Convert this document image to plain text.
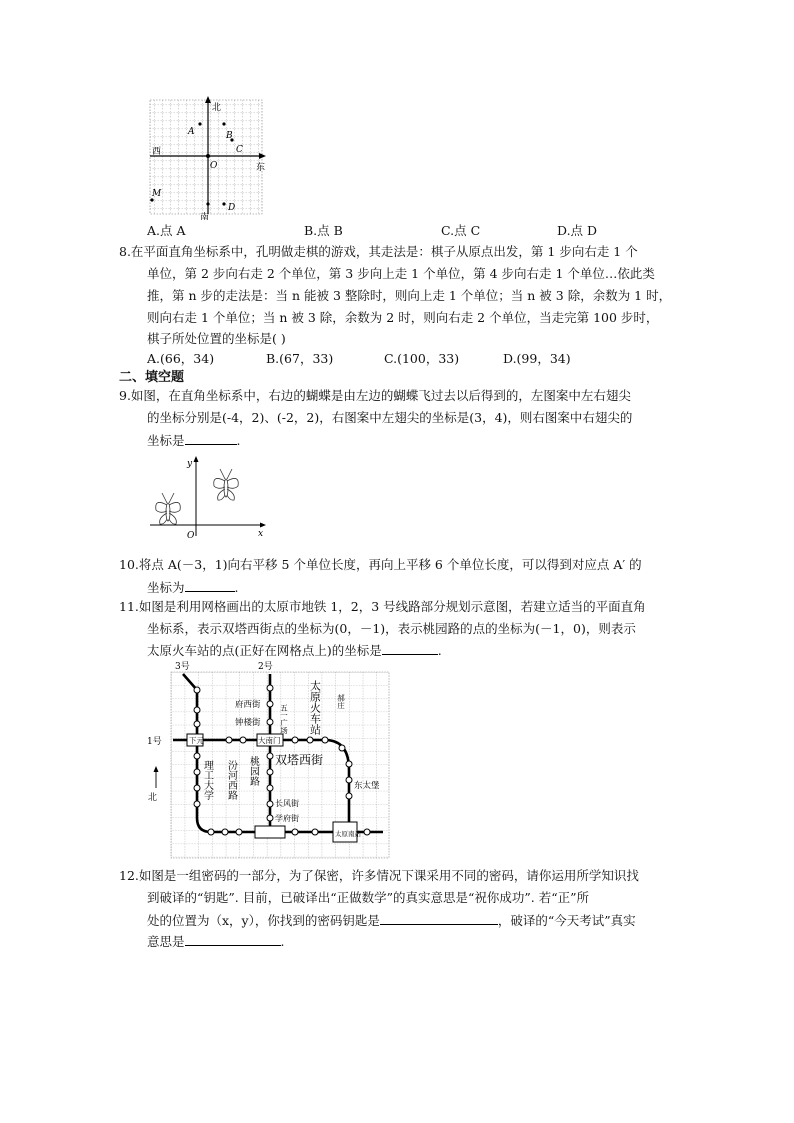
北
南
西
东
O
A	B
C
D
M
A.点 A	B.点 B	C.点 C	D.点 D
8.在平面直角坐标系中，孔明做走棋的游戏，其走法是：棋子从原点出发，第 1 步向右走 1 个
单位，第 2 步向右走 2 个单位，第 3 步向上走 1 个单位，第 4 步向右走 1 个单位…依此类
推，第 n 步的走法是：当 n 能被 3 整除时，则向上走 1 个单位；当 n 被 3 除，余数为 1 时，
则向右走 1 个单位；当 n 被 3 除，余数为 2 时，则向右走 2 个单位，当走完第 100 步时，
棋子所处位置的坐标是( )
A.(66，34)	B.(67，33)	C.(100，33)	D.(99，34)
二、填空题
9.如图，在直角坐标系中，右边的蝴蝶是由左边的蝴蝶飞过去以后得到的，左图案中左右翅尖
的坐标分别是(-4，2)、(-2，2)，右图案中左翅尖的坐标是(3，4)，则右图案中右翅尖的
坐标是	.
y
x
O
10.将点 A(－3，1)向右平移 5 个单位长度，再向上平移 6 个单位长度，可以得到对应点 A′ 的
坐标为	.
11.如图是利用网格画出的太原市地铁 1，2，3 号线路部分规划示意图，若建立适当的平面直角
坐标系，表示双塔西街点的坐标为(0，－1)，表示桃园路的点的坐标为(－1，0)，则表示
太原火车站的点(正好在网格点上)的坐标是	.
3号	2号
1号
北
下元	大南门
府西街
钟楼街	五一广场 太原火车站 郝庄
理工大学 汾河西路 桃园路 双塔西街
东太堡
长风街
学府街
太原南站
12.如图是一组密码的一部分，为了保密，许多情况下课采用不同的密码，请你运用所学知识找
到破译的“钥匙”. 目前，已破译出“正做数学”的真实意思是“祝你成功”. 若“正”所
处的位置为（x，y），你找到的密码钥匙是	，破译的“今天考试”真实
意思是	.
